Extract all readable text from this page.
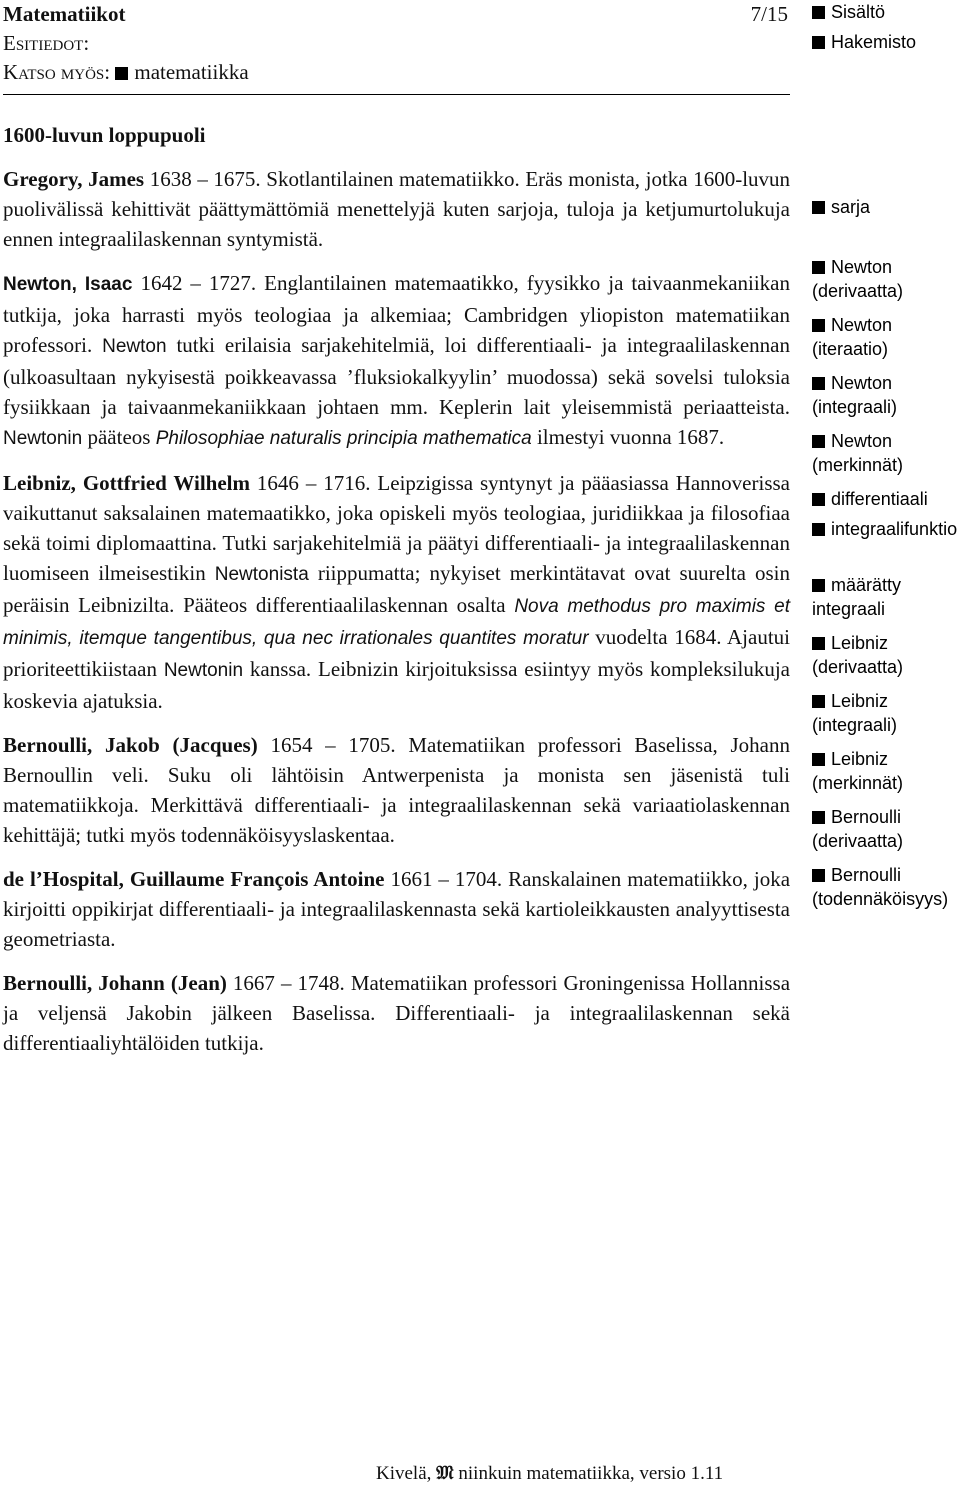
Matematiikot
Esitiedot:
Katso myös: matematiikka
7/15	Sisältö
Hakemisto
sarja
Newton (derivaatta)
Newton (iteraatio)
Newton (integraali)
Newton (merkinnät)
differentiaali
integraalifunktio
määrätty integraali
Leibniz (derivaatta)
Leibniz (integraali)
Leibniz (merkinnät)
Bernoulli (derivaatta)
Bernoulli (todennäköisyys)
1600-luvun loppupuoli

Gregory, James 1638 – 1675. Skotlantilainen matematiikko. Eräs monista, jotka 1600-luvun puolivälissä kehittivät päättymättömiä menettelyjä kuten sarjoja, tuloja ja ketjumurtolukuja ennen integraalilaskennan syntymistä.

Newton, Isaac 1642 – 1727. Englantilainen matemaatikko, fyysikko ja taivaanmekaniikan tutkija, joka harrasti myös teologiaa ja alkemiaa; Cambridgen yliopiston matematiikan professori. Newton tutki erilaisia sarjakehitelmiä, loi differentiaali- ja integraalilaskennan (ulkoasultaan nykyisestä poikkeavassa ’fluksiokalkyylin’ muodossa) sekä sovelsi tuloksia fysiikkaan ja taivaanmekaniikkaan johtaen mm. Keplerin lait yleisemmistä periaatteista. Newtonin pääteos Philosophiae naturalis principia mathematica ilmestyi vuonna 1687.

Leibniz, Gottfried Wilhelm 1646 – 1716. Leipzigissa syntynyt ja pääasiassa Hannoverissa vaikuttanut saksalainen matemaatikko, joka opiskeli myös teologiaa, juridiikkaa ja filosofiaa sekä toimi diplomaattina. Tutki sarjakehitelmiä ja päätyi differentiaali- ja integraalilaskennan luomiseen ilmeisestikin Newtonista riippumatta; nykyiset merkintätavat ovat suurelta osin peräisin Leibnizilta. Pääteos differentiaalilaskennan osalta Nova methodus pro maximis et minimis, itemque tangentibus, qua nec irrationales quantites moratur vuodelta 1684. Ajautui prioriteettikiistaan Newtonin kanssa. Leibnizin kirjoituksissa esiintyy myös kompleksilukuja koskevia ajatuksia.

Bernoulli, Jakob (Jacques) 1654 – 1705. Matematiikan professori Baselissa, Johann Bernoullin veli. Suku oli lähtöisin Antwerpenista ja monista sen jäsenistä tuli matematiikkoja. Merkittävä differentiaali- ja integraalilaskennan sekä variaatiolaskennan kehittäjä; tutki myös todennäköisyyslaskentaa.

de l’Hospital, Guillaume François Antoine 1661 – 1704. Ranskalainen matematiikko, joka kirjoitti oppikirjat differentiaali- ja integraalilaskennasta sekä kartioleikkausten analyyttisesta geometriasta.

Bernoulli, Johann (Jean) 1667 – 1748. Matematiikan professori Groningenissa Hollannissa ja veljensä Jakobin jälkeen Baselissa. Differentiaali- ja integraalilaskennan sekä differentiaaliyhtälöiden tutkija.

Kivelä, 𝔐 niinkuin matematiikka, versio 1.11
